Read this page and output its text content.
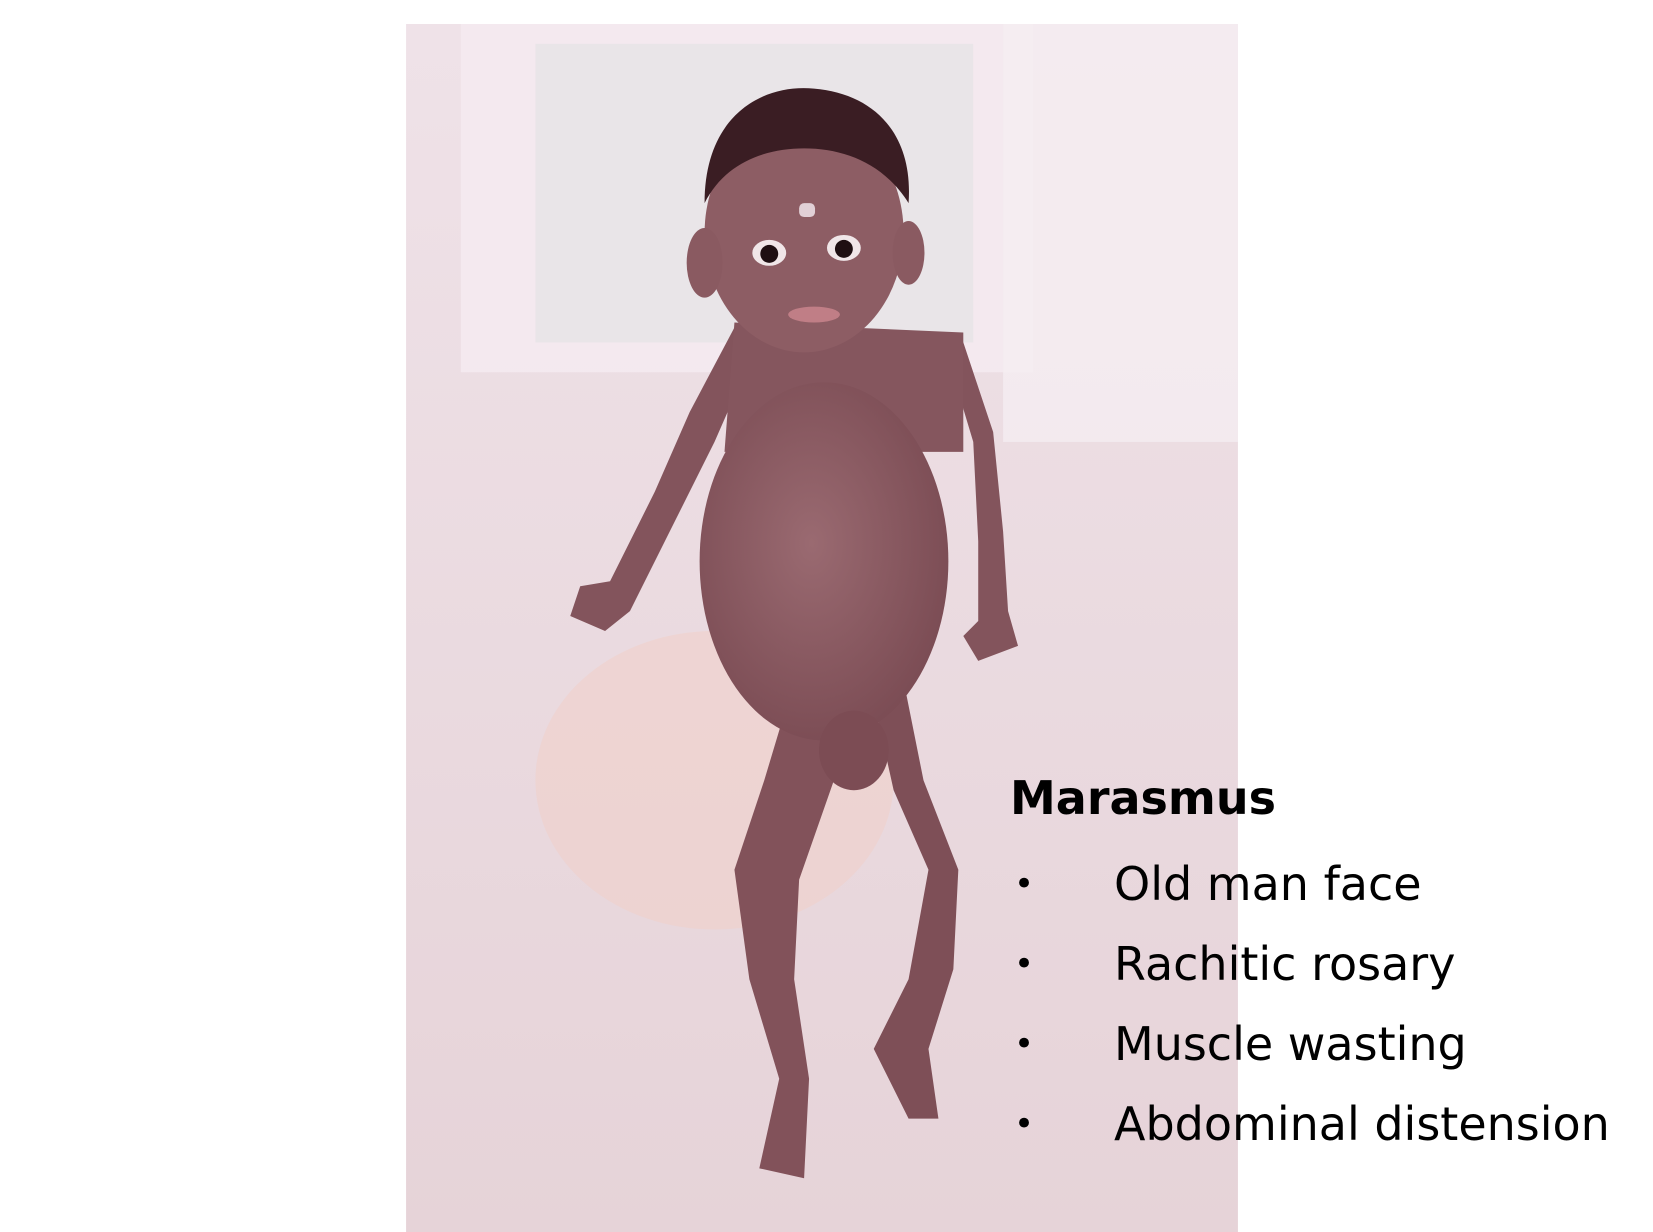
Marasmus
•	Old man face
•	Rachitic rosary
•	Muscle wasting
•	Abdominal distension
